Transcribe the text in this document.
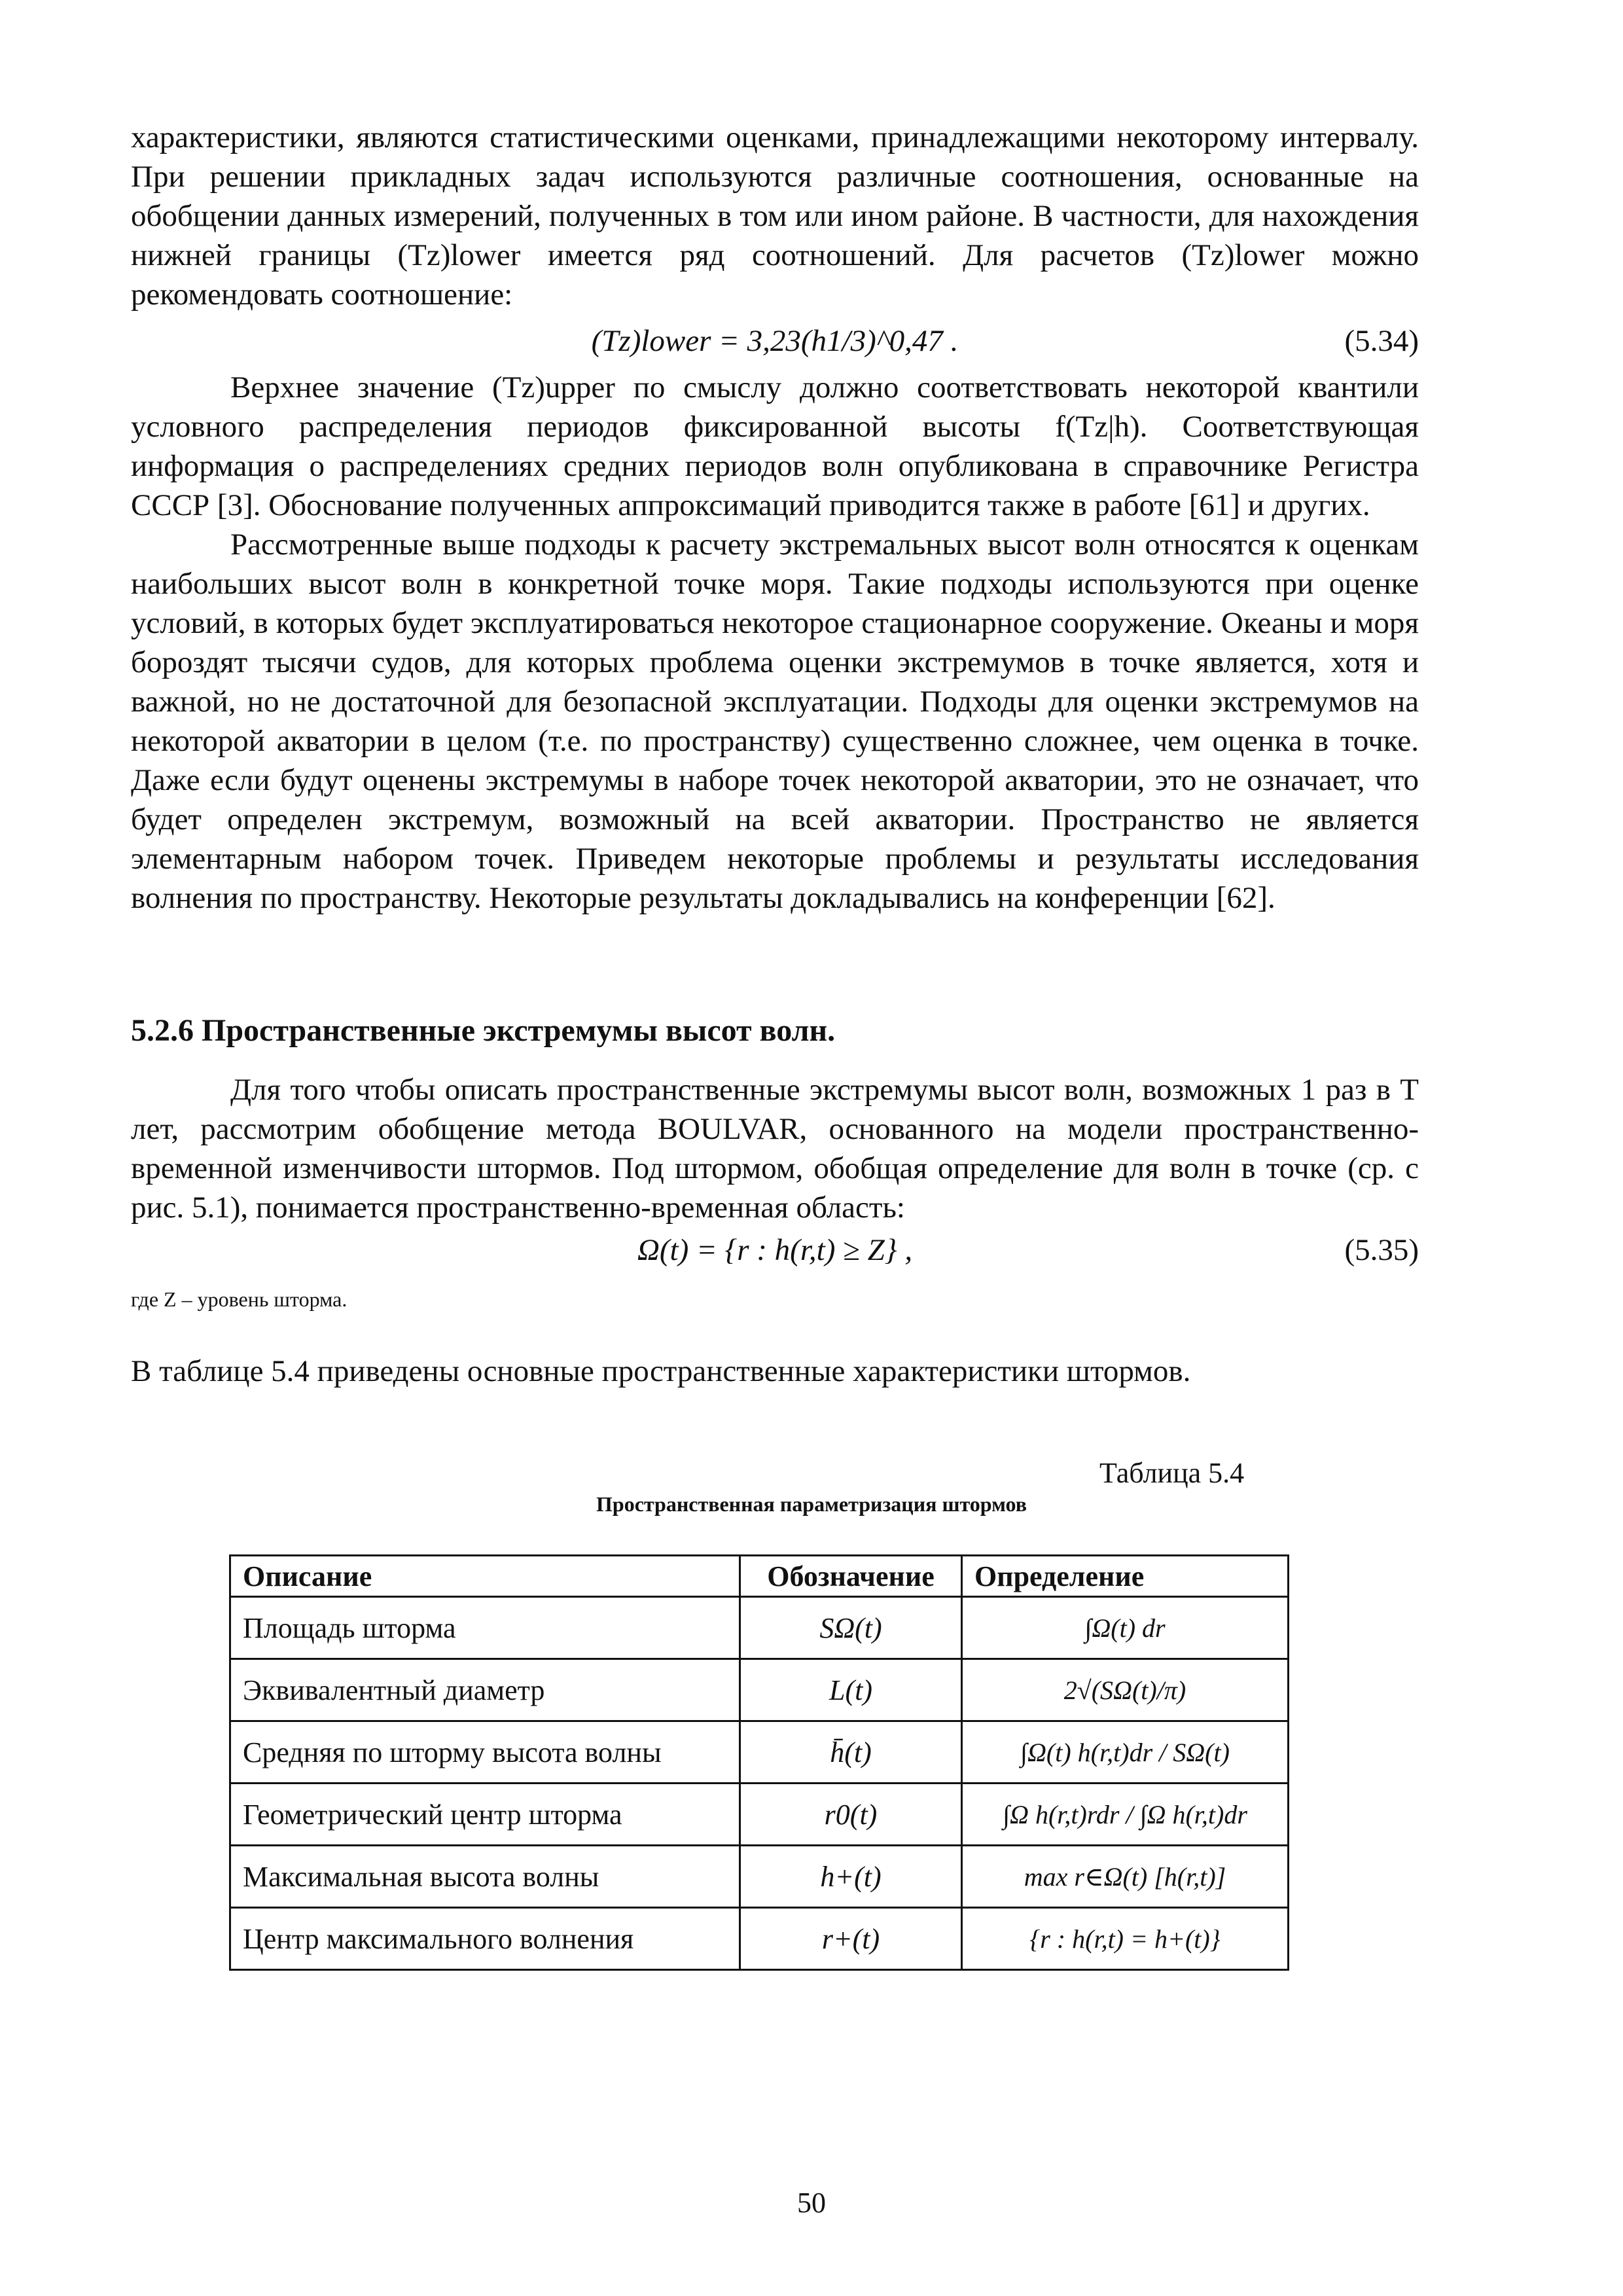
характеристики, являются статистическими оценками, принадлежащими некоторому интервалу. При решении прикладных задач используются различные соотношения, основанные на обобщении данных измерений, полученных в том или ином районе. В частности, для нахождения нижней границы (Tz)lower имеется ряд соотношений. Для расчетов (Tz)lower можно рекомендовать соотношение:

(Tz)lower = 3,23(h1/3)^0,47 .	(5.34)

Верхнее значение (Tz)upper по смыслу должно соответствовать некоторой квантили условного распределения периодов фиксированной высоты f(Tz|h). Соответствующая информация о распределениях средних периодов волн опубликована в справочнике Регистра СССР [3]. Обоснование полученных аппроксимаций приводится также в работе [61] и других.

Рассмотренные выше подходы к расчету экстремальных высот волн относятся к оценкам наибольших высот волн в конкретной точке моря. Такие подходы используются при оценке условий, в которых будет эксплуатироваться некоторое стационарное сооружение. Океаны и моря бороздят тысячи судов, для которых проблема оценки экстремумов в точке является, хотя и важной, но не достаточной для безопасной эксплуатации. Подходы для оценки экстремумов на некоторой акватории в целом (т.е. по пространству) существенно сложнее, чем оценка в точке. Даже если будут оценены экстремумы в наборе точек некоторой акватории, это не означает, что будет определен экстремум, возможный на всей акватории. Пространство не является элементарным набором точек. Приведем некоторые проблемы и результаты исследования волнения по пространству. Некоторые результаты докладывались на конференции [62].

5.2.6 Пространственные экстремумы высот волн.

Для того чтобы описать пространственные экстремумы высот волн, возможных 1 раз в T лет, рассмотрим обобщение метода BOULVAR, основанного на модели пространственно-временной изменчивости штормов. Под штормом, обобщая определение для волн в точке (ср. с рис. 5.1), понимается пространственно-временная область:

Ω(t) = {r : h(r,t) ≥ Z} ,	(5.35)

где Z – уровень шторма.

В таблице 5.4 приведены основные пространственные характеристики штормов.

Таблица 5.4
Пространственная параметризация штормов
Описание	Обозначение	Определение
Площадь шторма	SΩ(t)	∫Ω(t) dr
Эквивалентный диаметр	L(t)	2√(SΩ(t)/π)
Средняя по шторму высота волны	h̄(t)	∫Ω(t) h(r,t)dr / SΩ(t)
Геометрический центр шторма	r0(t)	∫Ω h(r,t)rdr / ∫Ω h(r,t)dr
Максимальная высота волны	h+(t)	max r∈Ω(t) [h(r,t)]
Центр максимального волнения	r+(t)	{r : h(r,t) = h+(t)}
50
